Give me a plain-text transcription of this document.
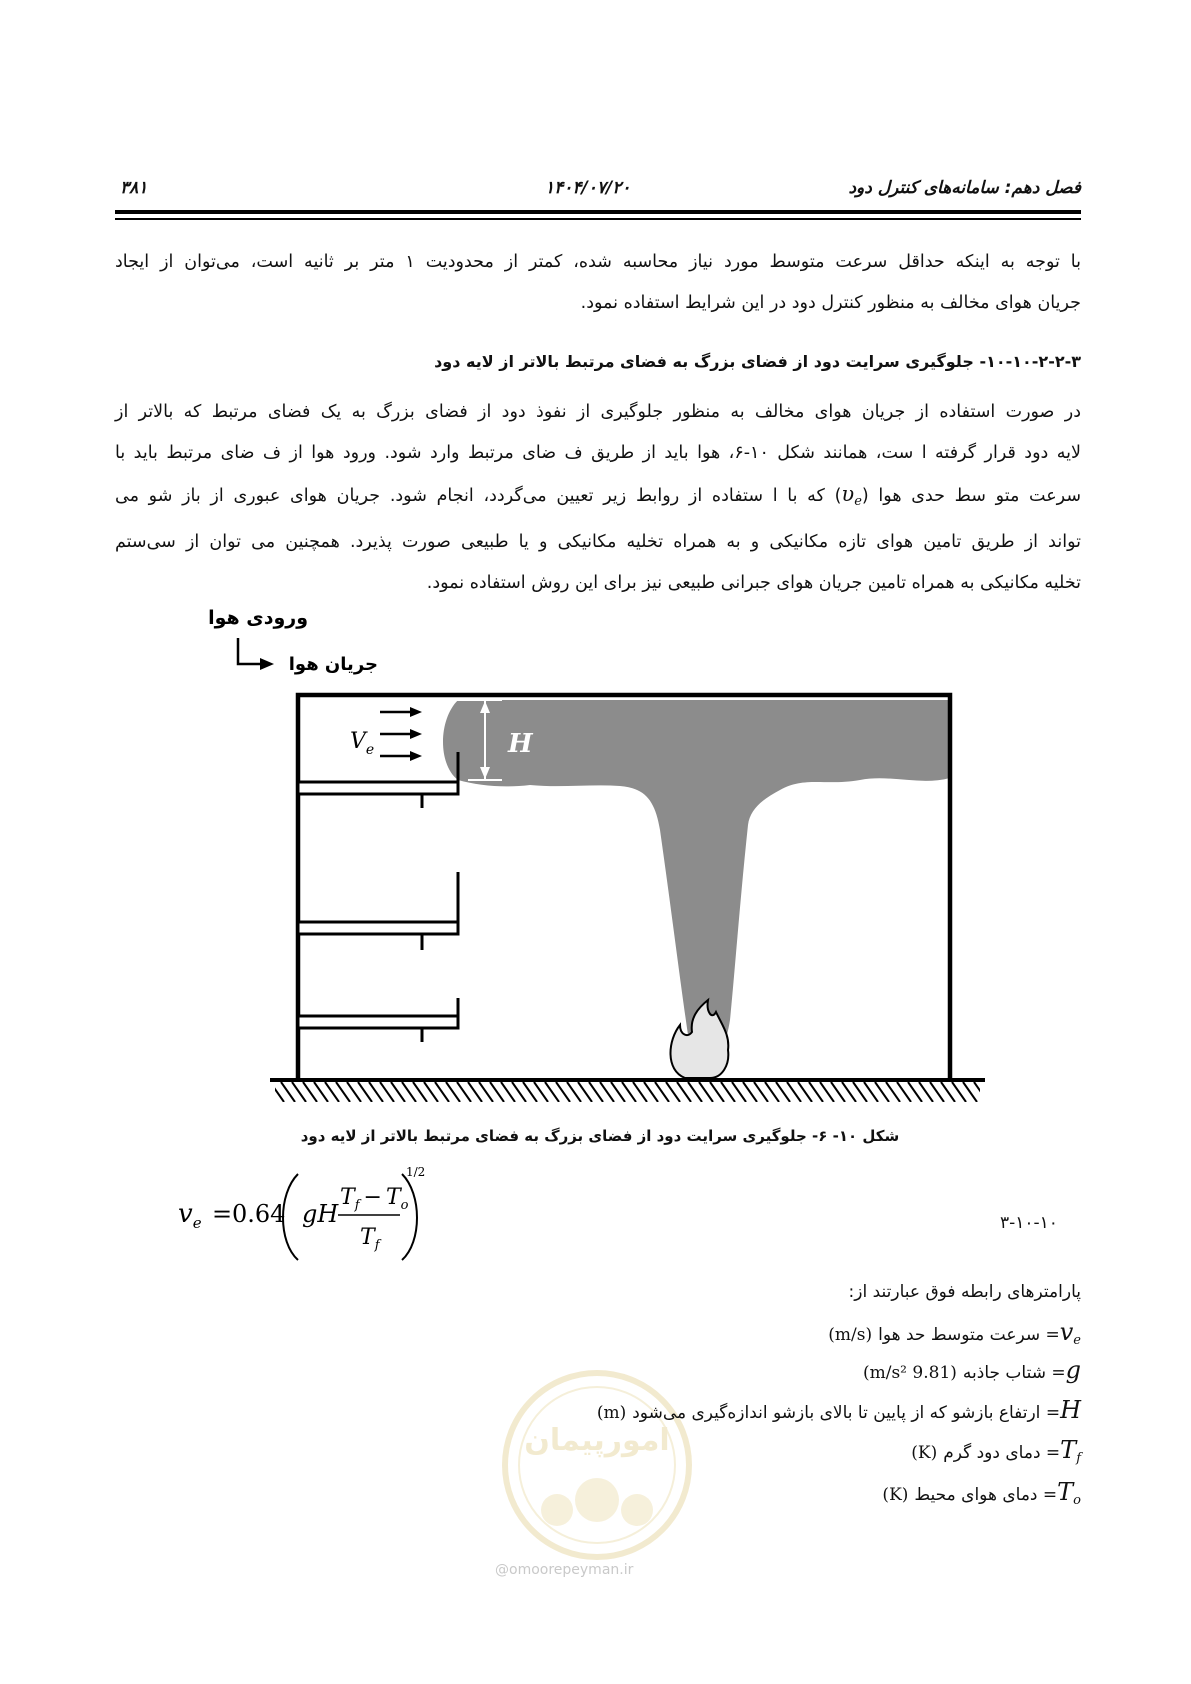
۳۸۱	۱۴۰۴/۰۷/۲۰	فصل دهم: سامانه‌های کنترل دود
با توجه به اینکه حداقل سرعت متوسط مورد نیاز محاسبه شده، کمتر از محدودیت ۱ متر بر ثانیه است، می‌توان از ایجاد
جریان هوای مخالف به منظور کنترل دود در این شرایط استفاده نمود.
۱۰-۱۰-۲-۲-۳- جلوگیری سرایت دود از فضای بزرگ به فضای مرتبط بالاتر از لایه دود
در صورت استفاده از جریان هوای مخالف به منظور جلوگیری از نفوذ دود از فضای بزرگ به یک فضای مرتبط که بالاتر از
لایه دود قرار گرفته ا ست، همانند شکل ۱۰-۶، هوا باید از طریق ف ضای مرتبط وارد شود. ورود هوا از ف ضای مرتبط باید با
سرعت متو سط حدی هوا $(\upsilon_e)$ که با ا ستفاده از روابط زیر تعیین می‌گردد، انجام شود. جریان هوای عبوری از باز شو می
تواند از طریق تامین هوای تازه مکانیکی و به همراه تخلیه مکانیکی و یا طبیعی صورت پذیرد. همچنین می توان از سی‌ستم
تخلیه مکانیکی به همراه تامین جریان هوای جبرانی طبیعی نیز برای این روش استفاده نمود.
H
ورودی هوا
جریان هوا
$V_e$
شکل ۱۰- ۶- جلوگیری سرایت دود از فضای بزرگ به فضای مرتبط بالاتر از لایه دود
$v_e = 0.64$ gH
$T_f - T_o$
$T_f$
1/2
۳-۱۰-۱۰
امورپیمان
@omoorepeyman.ir
پارامترهای رابطه فوق عبارتند از:
$v_e=$ سرعت متوسط حد هوا(m/s)
g= شتاب جاذبه(9.81 m/s²)
H= ارتفاع بازشو که از پایین تا بالای بازشو اندازه‌گیری می‌شود(m)
$T_f=$ دمای دود گرم(K)
$T_o=$ دمای هوای محیط(K)
